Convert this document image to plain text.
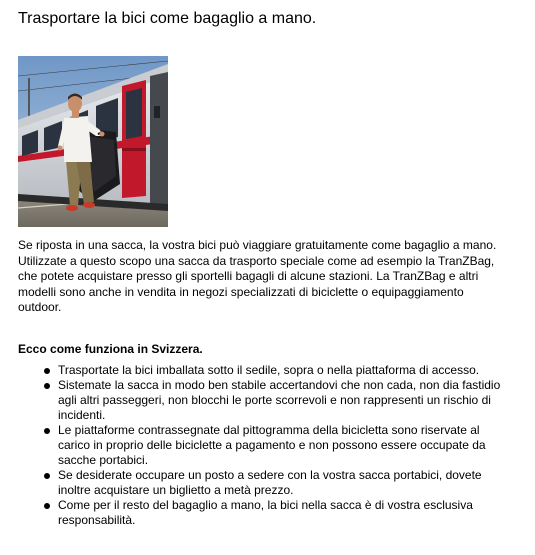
Trasportare la bici come bagaglio a mano.

Se riposta in una sacca, la vostra bici può viaggiare gratuitamente come bagaglio a mano. Utilizzate a questo scopo una sacca da trasporto speciale come ad esempio la TranZBag, che potete acquistare presso gli sportelli bagagli di alcune stazioni. La TranZBag e altri modelli sono anche in vendita in negozi specializzati di biciclette o equipaggiamento outdoor.

Ecco come funziona in Svizzera.

Trasportate la bici imballata sotto il sedile, sopra o nella piattaforma di accesso.
Sistemate la sacca in modo ben stabile accertandovi che non cada, non dia fastidio agli altri passeggeri, non blocchi le porte scorrevoli e non rappresenti un rischio di incidenti.
Le piattaforme contrassegnate dal pittogramma della bicicletta sono riservate al carico in proprio delle biciclette a pagamento e non possono essere occupate da sacche portabici.
Se desiderate occupare un posto a sedere con la vostra sacca portabici, dovete inoltre acquistare un biglietto a metà prezzo.
Come per il resto del bagaglio a mano, la bici nella sacca è di vostra esclusiva responsabilità.
